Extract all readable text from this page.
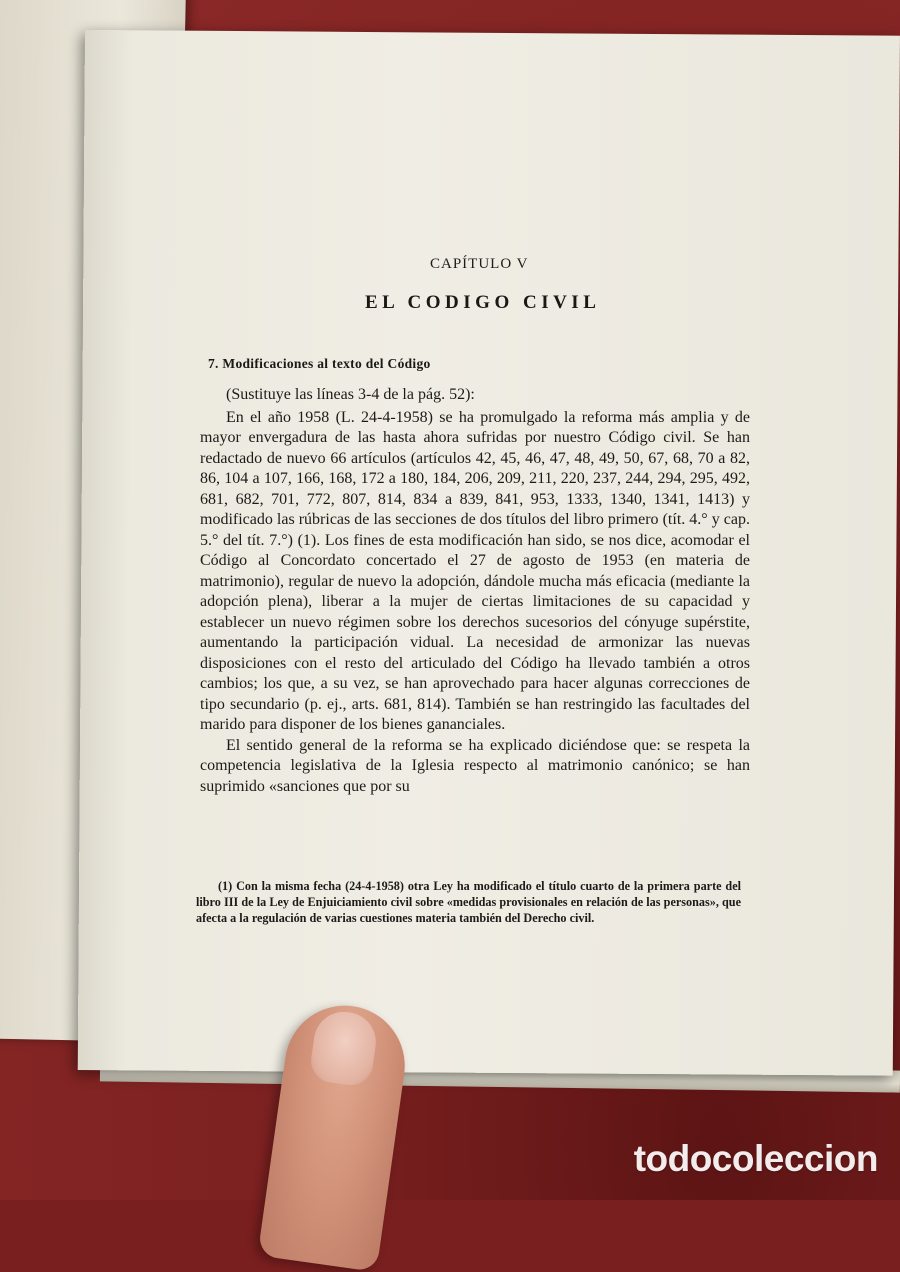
CAPÍTULO V
EL CODIGO CIVIL
7. Modificaciones al texto del Código

(Sustituye las líneas 3-4 de la pág. 52):

En el año 1958 (L. 24-4-1958) se ha promulgado la reforma más amplia y de mayor envergadura de las hasta ahora sufridas por nuestro Código civil. Se han redactado de nuevo 66 artículos (artículos 42, 45, 46, 47, 48, 49, 50, 67, 68, 70 a 82, 86, 104 a 107, 166, 168, 172 a 180, 184, 206, 209, 211, 220, 237, 244, 294, 295, 492, 681, 682, 701, 772, 807, 814, 834 a 839, 841, 953, 1333, 1340, 1341, 1413) y modificado las rúbricas de las secciones de dos títulos del libro primero (tít. 4.° y cap. 5.° del tít. 7.°) (1). Los fines de esta modificación han sido, se nos dice, acomodar el Código al Concordato concertado el 27 de agosto de 1953 (en materia de matrimonio), regular de nuevo la adopción, dándole mucha más eficacia (mediante la adopción plena), liberar a la mujer de ciertas limitaciones de su capacidad y establecer un nuevo régimen sobre los derechos sucesorios del cónyuge supérstite, aumentando la participación vidual. La necesidad de armonizar las nuevas disposiciones con el resto del articulado del Código ha llevado también a otros cambios; los que, a su vez, se han aprovechado para hacer algunas correcciones de tipo secundario (p. ej., arts. 681, 814). También se han restringido las facultades del marido para disponer de los bienes gananciales.

El sentido general de la reforma se ha explicado diciéndose que: se respeta la competencia legislativa de la Iglesia respecto al matrimonio canónico; se han suprimido «sanciones que por su

(1) Con la misma fecha (24-4-1958) otra Ley ha modificado el título cuarto de la primera parte del libro III de la Ley de Enjuiciamiento civil sobre «medidas provisionales en relación de las personas», que afecta a la regulación de varias cuestiones materia también del Derecho civil.
todocoleccion
